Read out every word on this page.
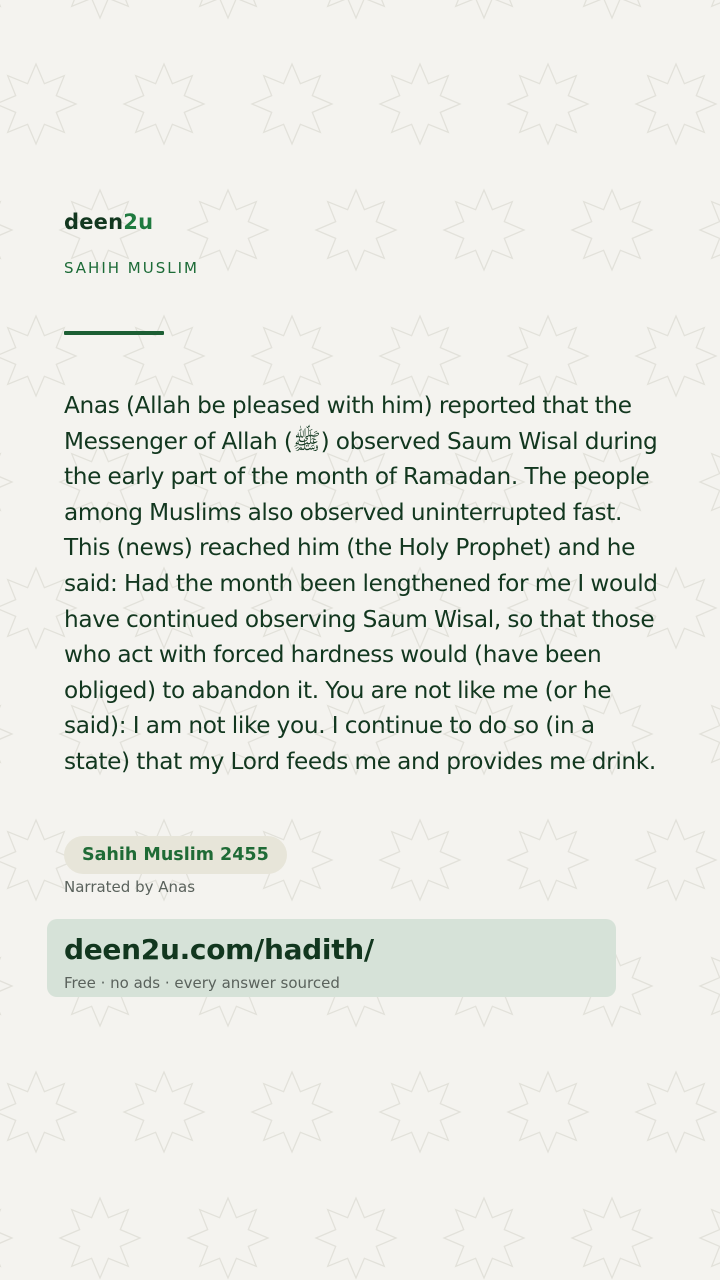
deen2u
SAHIH MUSLIM

Anas (Allah be pleased with him) reported that the Messenger of Allah (ﷺ) observed Saum Wisal during the early part of the month of Ramadan. The people among Muslims also observed uninterrupted fast. This (news) reached him (the Holy Prophet) and he said: Had the month been lengthened for me I would have continued observing Saum Wisal, so that those who act with forced hardness would (have been obliged) to abandon it. You are not like me (or he said): I am not like you. I continue to do so (in a state) that my Lord feeds me and provides me drink.

Sahih Muslim 2455
Narrated by Anas
deen2u.com/hadith/
Free · no ads · every answer sourced
